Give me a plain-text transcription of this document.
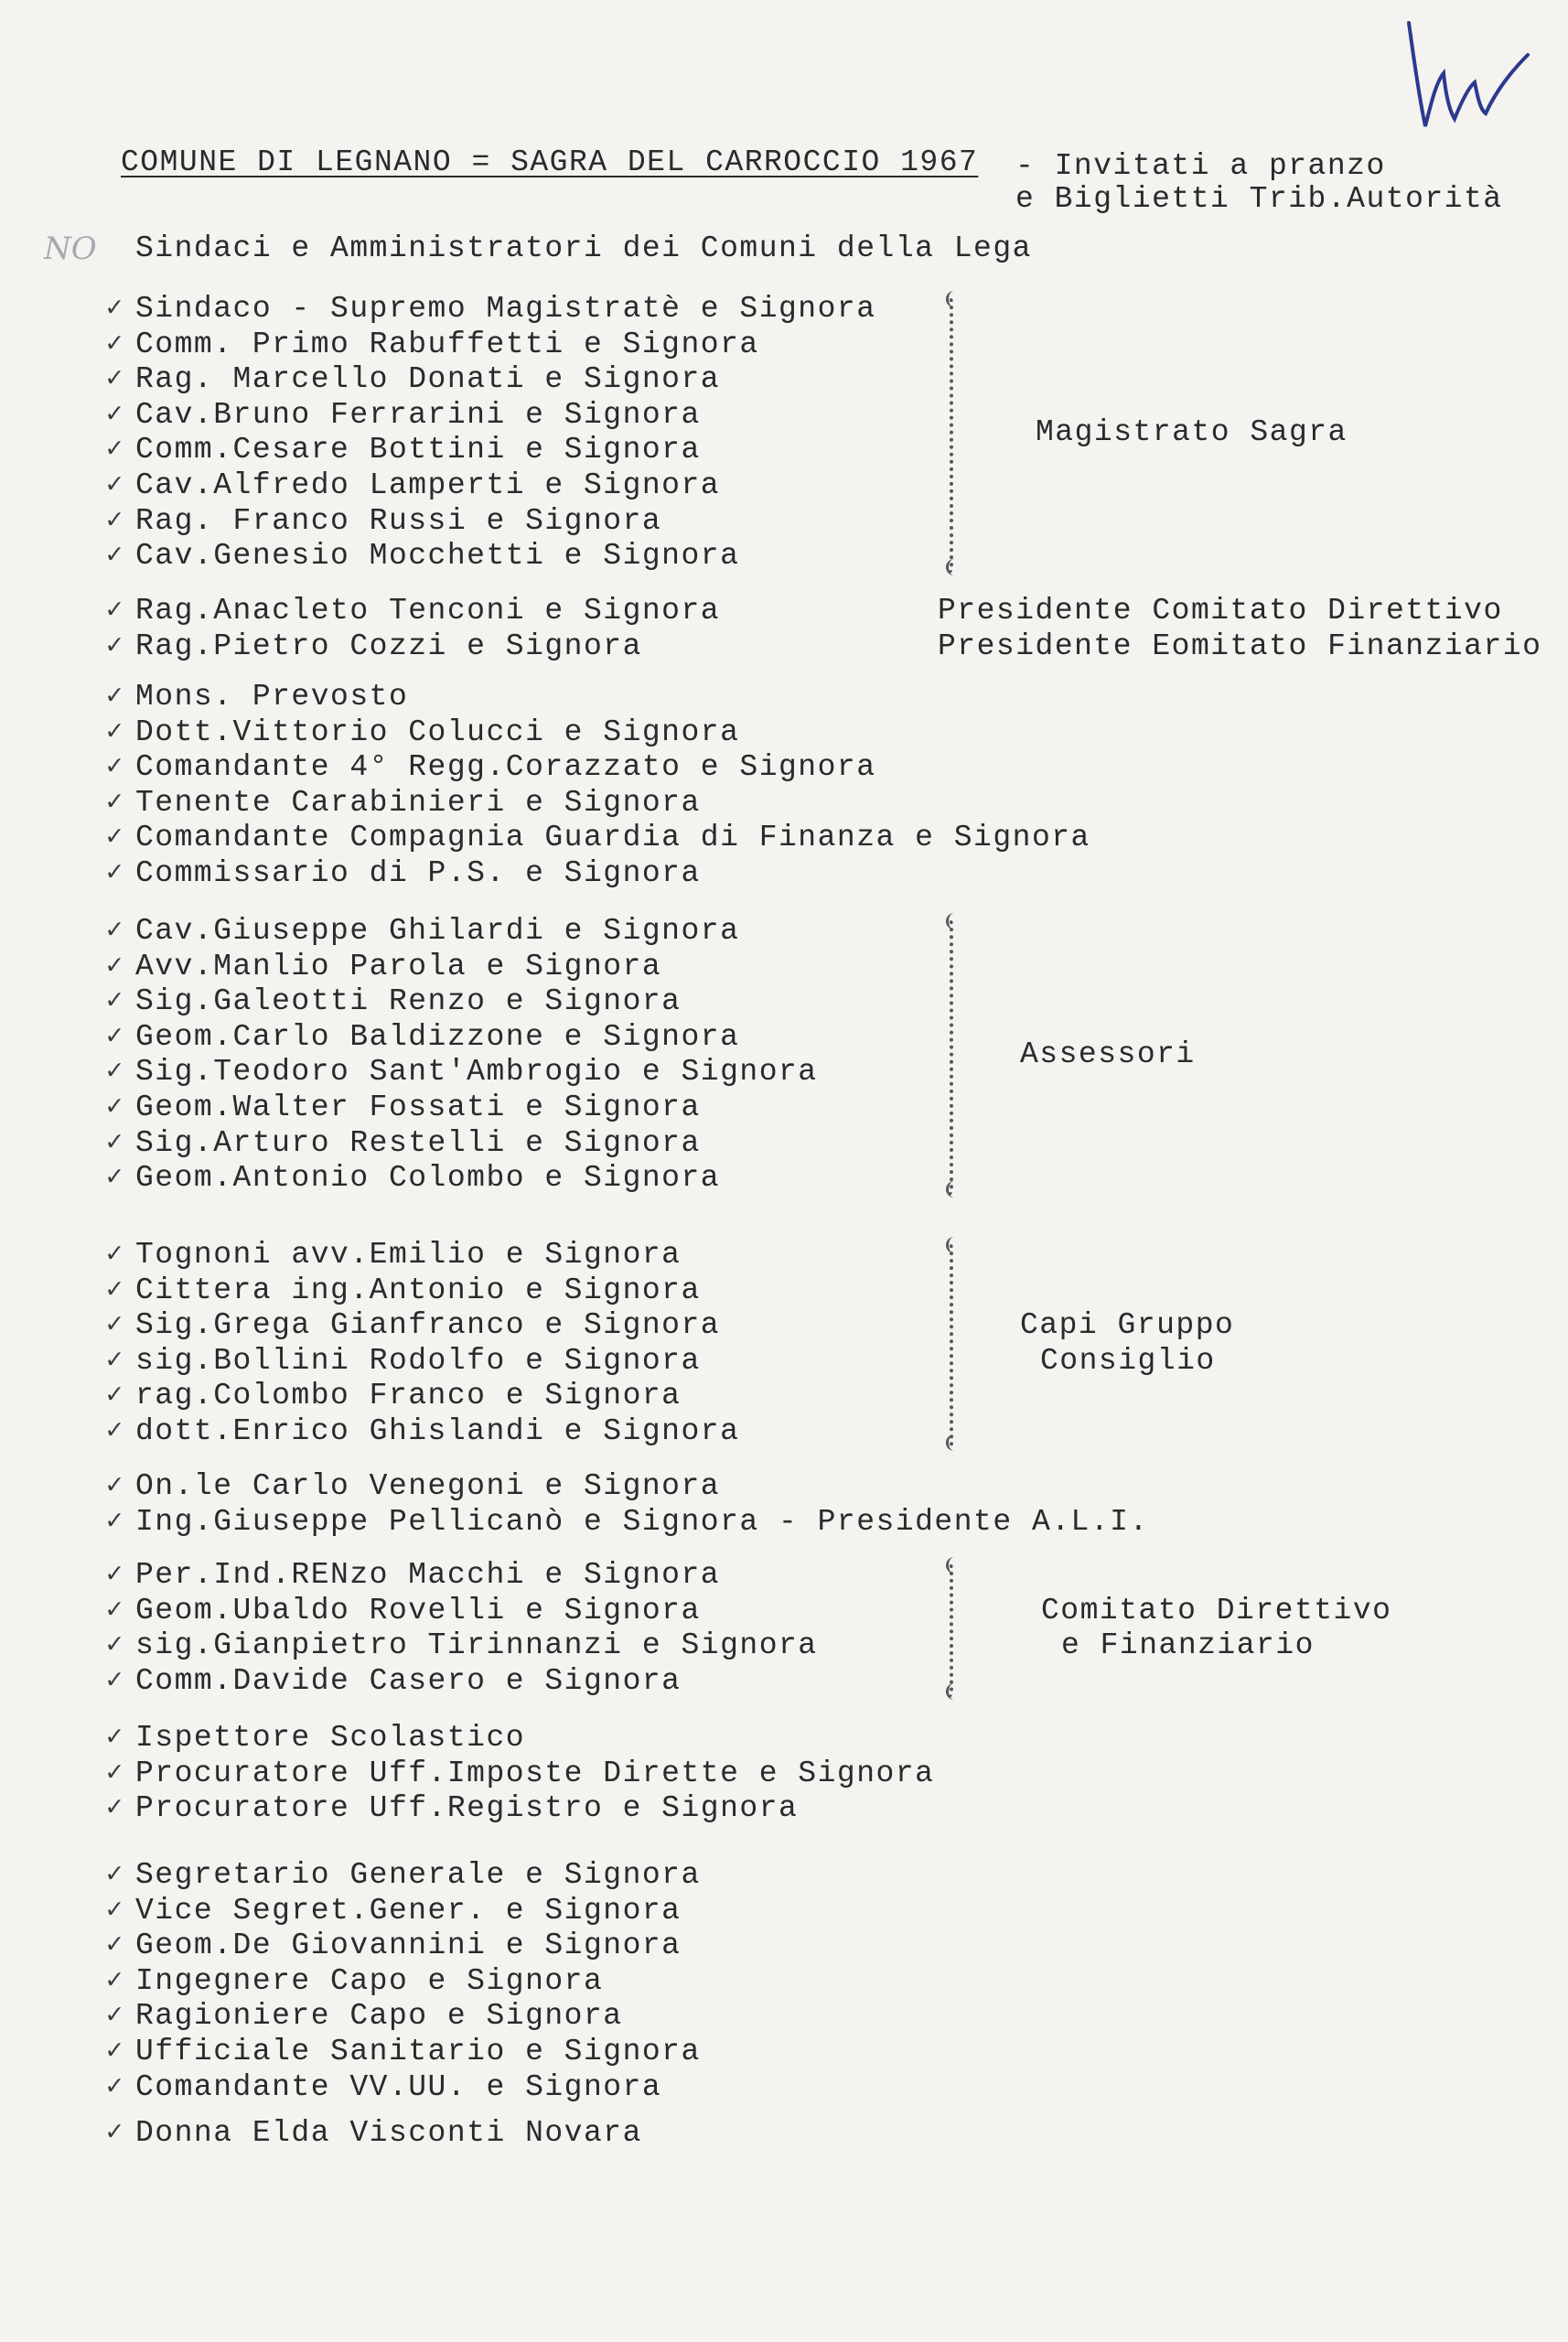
COMUNE DI LEGNANO = SAGRA DEL CARROCCIO 1967 - Invitati a pranzo
e Biglietti Trib.Autorità
NO Sindaci e Amministratori dei Comuni della Lega
✓ Sindaco - Supremo Magistratè e Signora
✓ Comm. Primo Rabuffetti e Signora
✓ Rag. Marcello Donati e Signora
✓ Cav.Bruno Ferrarini e Signora
✓ Comm.Cesare Bottini e Signora
✓ Cav.Alfredo Lamperti e Signora
✓ Rag. Franco Russi e Signora
✓ Cav.Genesio Mocchetti e Signora
Magistrato Sagra
✓ Rag.Anacleto Tenconi e Signora
✓ Rag.Pietro Cozzi e Signora
Presidente Comitato Direttivo
Presidente Eomitato Finanziario
✓ Mons. Prevosto
✓ Dott.Vittorio Colucci e Signora
✓ Comandante 4° Regg.Corazzato e Signora
✓ Tenente Carabinieri e Signora
✓ Comandante Compagnia Guardia di Finanza e Signora
✓ Commissario di P.S. e Signora
✓ Cav.Giuseppe Ghilardi e Signora
✓ Avv.Manlio Parola e Signora
✓ Sig.Galeotti Renzo e Signora
✓ Geom.Carlo Baldizzone e Signora
✓ Sig.Teodoro Sant'Ambrogio e Signora
✓ Geom.Walter Fossati e Signora
✓ Sig.Arturo Restelli e Signora
✓ Geom.Antonio Colombo e Signora
Assessori
✓ Tognoni avv.Emilio e Signora
✓ Cittera ing.Antonio e Signora
✓ Sig.Grega Gianfranco e Signora
✓ sig.Bollini Rodolfo e Signora
✓ rag.Colombo Franco e Signora
✓ dott.Enrico Ghislandi e Signora
Capi Gruppo
Consiglio
✓ On.le Carlo Venegoni e Signora
✓ Ing.Giuseppe Pellicanò e Signora - Presidente A.L.I.
✓ Per.Ind.RENzo Macchi e Signora
✓ Geom.Ubaldo Rovelli e Signora
✓ sig.Gianpietro Tirinnanzi e Signora
✓ Comm.Davide Casero e Signora
Comitato Direttivo
e Finanziario
✓ Ispettore Scolastico
✓ Procuratore Uff.Imposte Dirette e Signora
✓ Procuratore Uff.Registro e Signora
✓ Segretario Generale e Signora
✓ Vice Segret.Gener. e Signora
✓ Geom.De Giovannini e Signora
✓ Ingegnere Capo e Signora
✓ Ragioniere Capo e Signora
✓ Ufficiale Sanitario e Signora
✓ Comandante VV.UU. e Signora
✓ Donna Elda Visconti Novara
